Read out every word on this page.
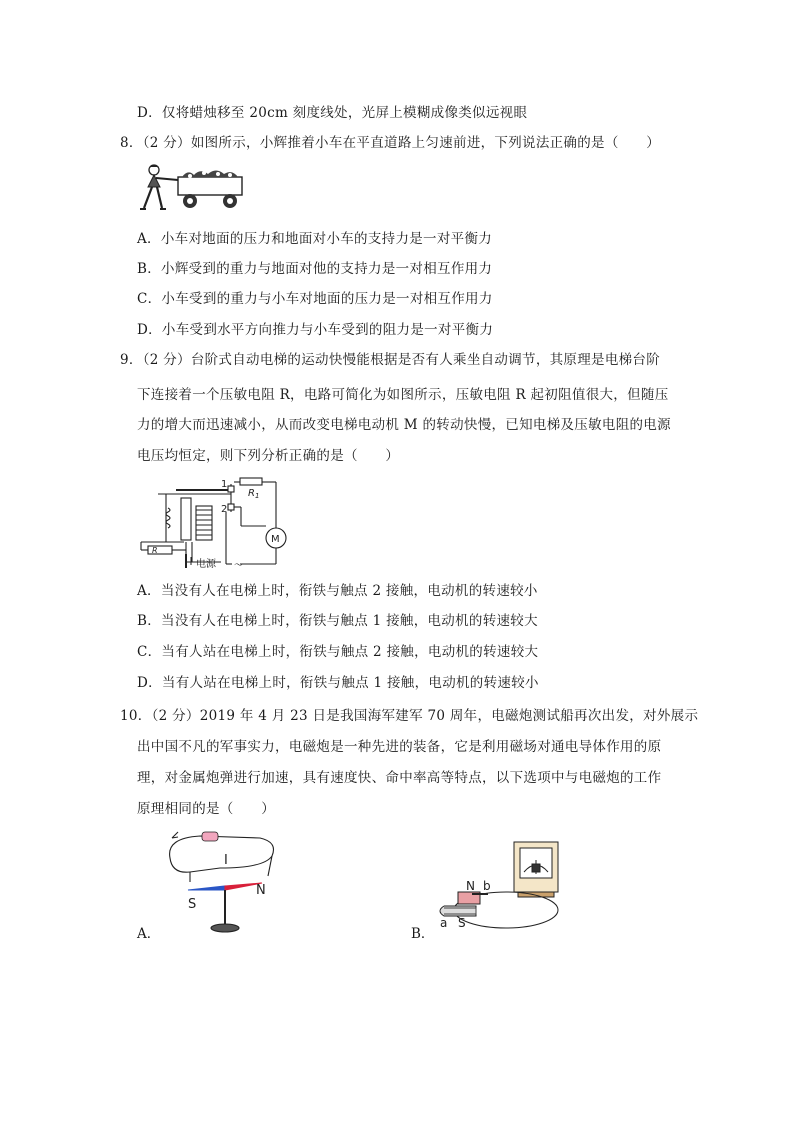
D．仅将蜡烛移至 20cm 刻度线处，光屏上模糊成像类似远视眼
8．（2 分）如图所示，小辉推着小车在平直道路上匀速前进，下列说法正确的是（　　）
A．小车对地面的压力和地面对小车的支持力是一对平衡力
B．小辉受到的重力与地面对他的支持力是一对相互作用力
C．小车受到的重力与小车对地面的压力是一对相互作用力
D．小车受到水平方向推力与小车受到的阻力是一对平衡力
9．（2 分）台阶式自动电梯的运动快慢能根据是否有人乘坐自动调节，其原理是电梯台阶
下连接着一个压敏电阻 R，电路可简化为如图所示，压敏电阻 R 起初阻值很大，但随压
力的增大而迅速减小，从而改变电梯电动机 M 的转动快慢，已知电梯及压敏电阻的电源
电压均恒定，则下列分析正确的是（　　）
1
2
$R_1$
R
电源
M
～
A．当没有人在电梯上时，衔铁与触点 2 接触，电动机的转速较小
B．当没有人在电梯上时，衔铁与触点 1 接触，电动机的转速较大
C．当有人站在电梯上时，衔铁与触点 2 接触，电动机的转速较大
D．当有人站在电梯上时，衔铁与触点 1 接触，电动机的转速较小
10．（2 分）2019 年 4 月 23 日是我国海军建军 70 周年，电磁炮测试船再次出发，对外展示
出中国不凡的军事实力，电磁炮是一种先进的装备，它是利用磁场对通电导体作用的原
理，对金属炮弹进行加速，具有速度快、命中率高等特点，以下选项中与电磁炮的工作
原理相同的是（　　）
I
S
N
A．
N b
a S
B．
